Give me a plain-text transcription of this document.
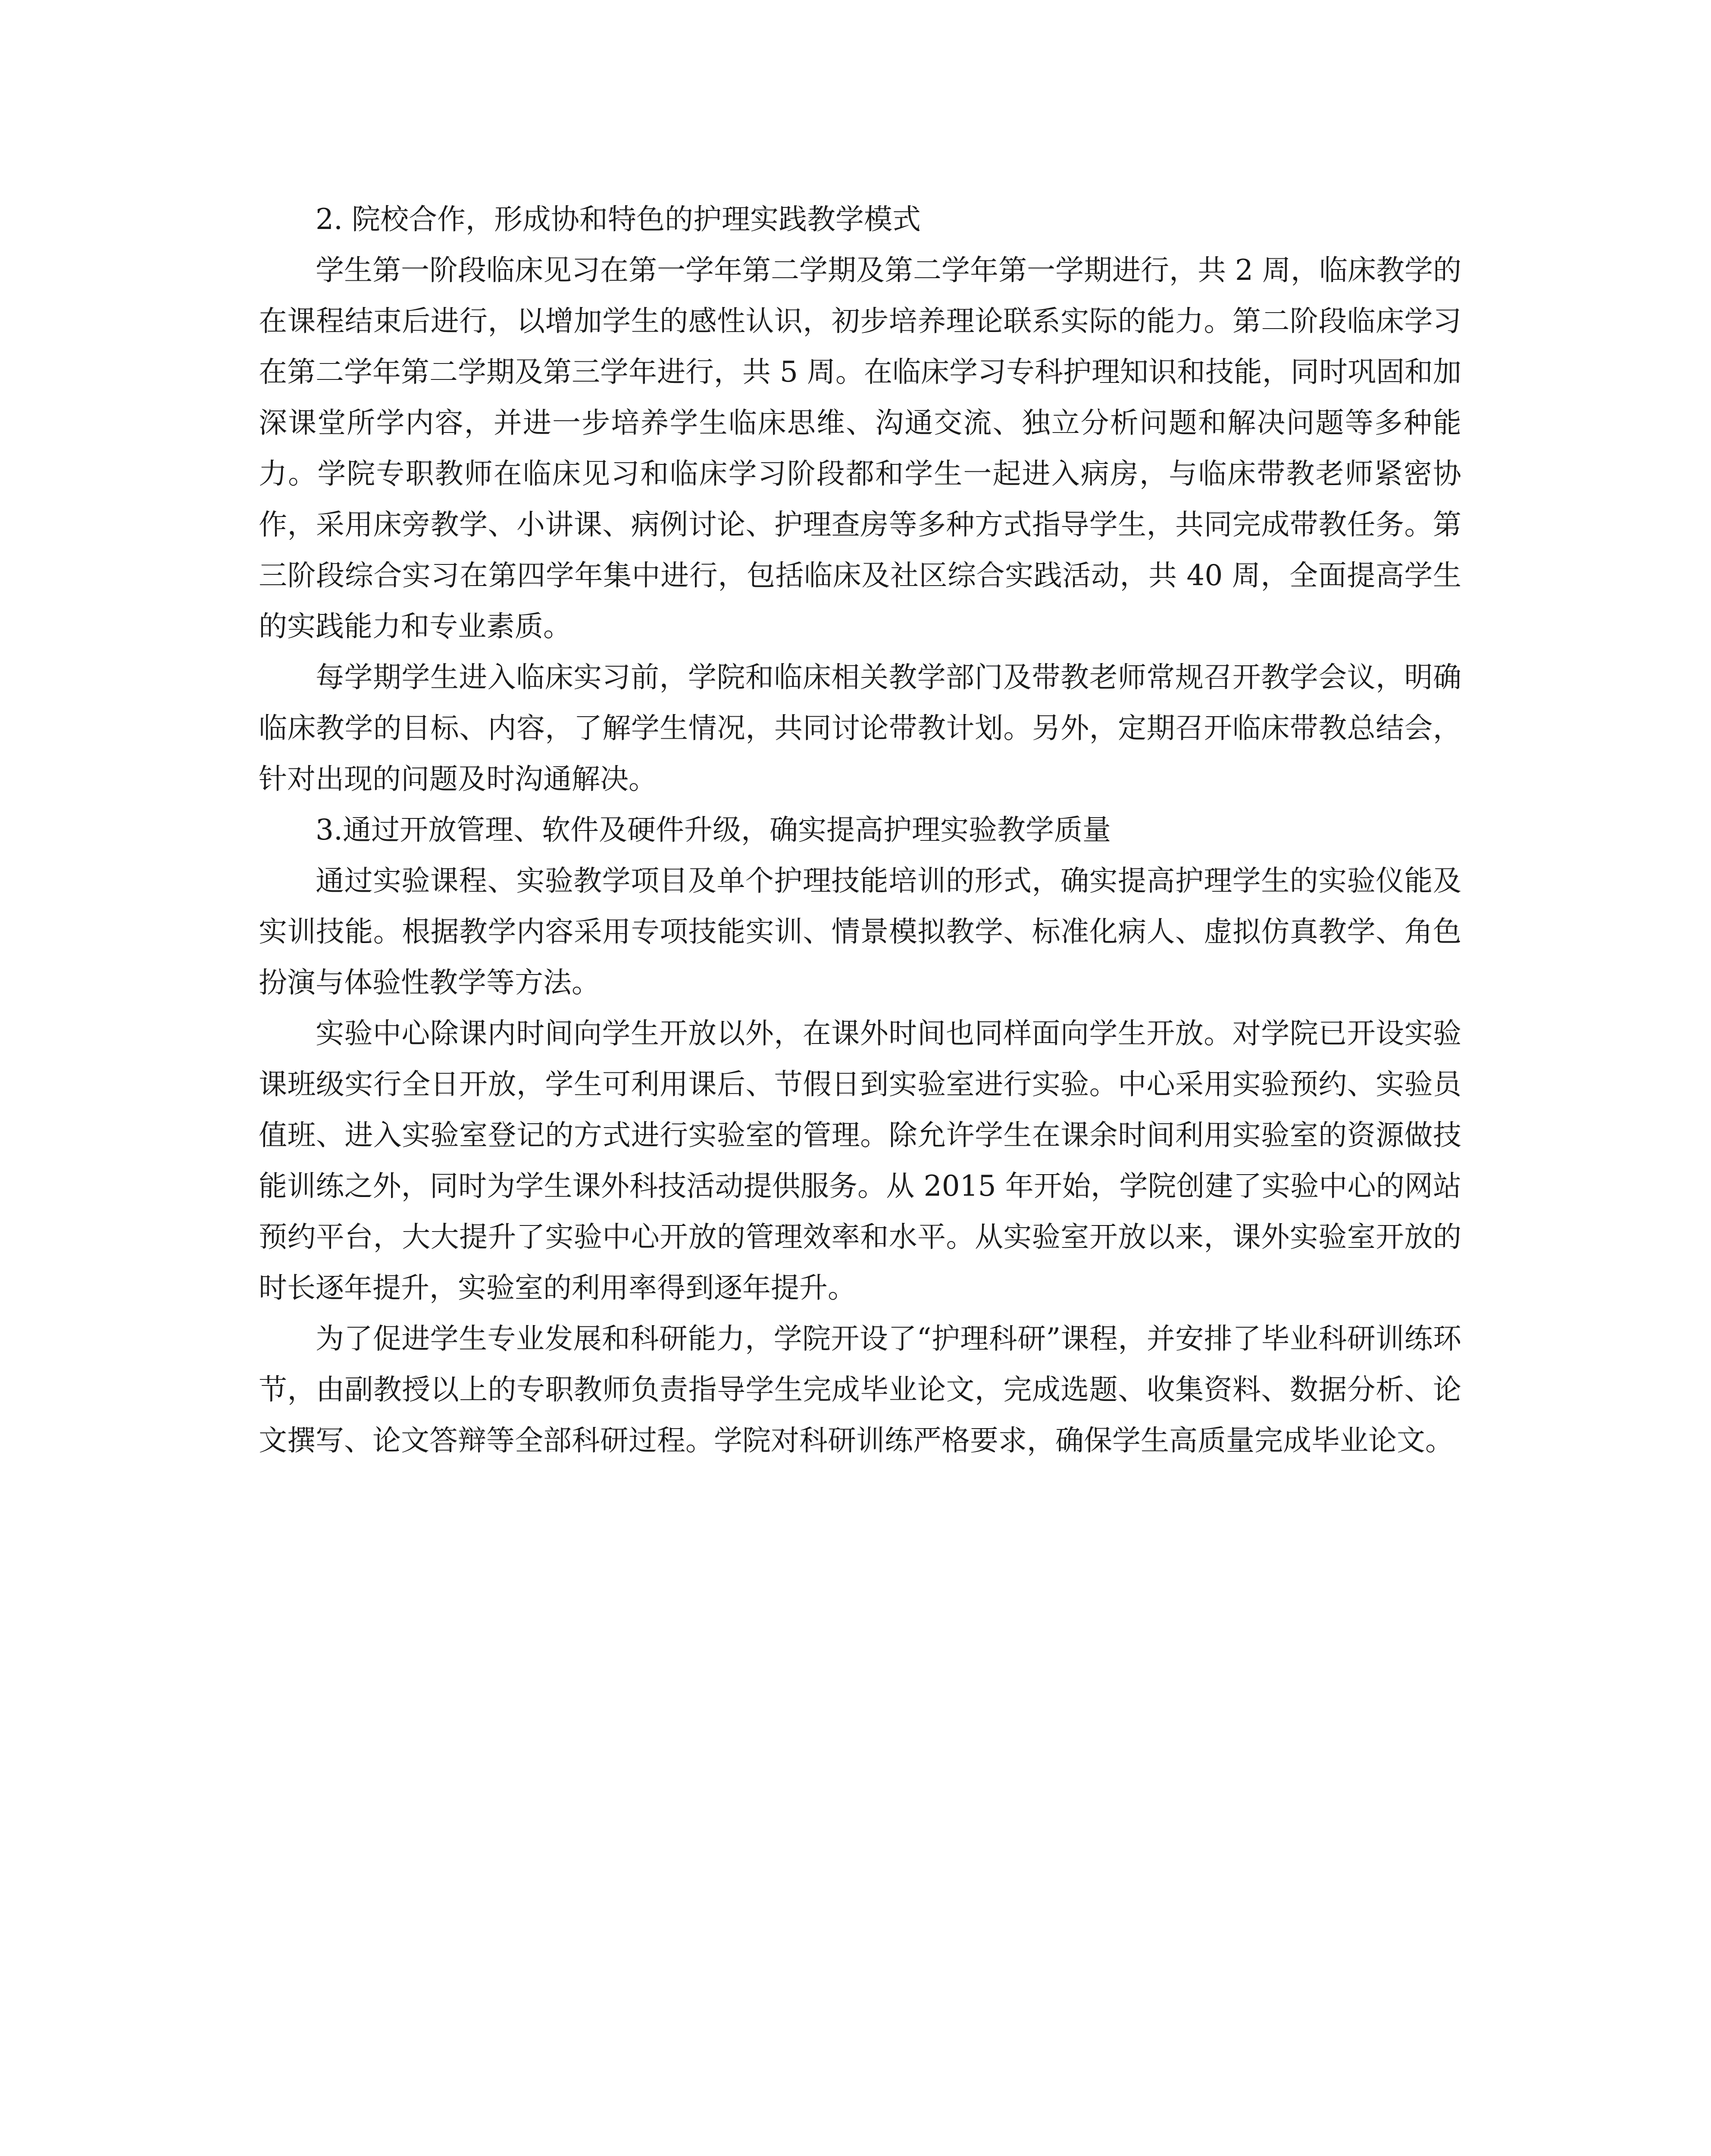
2. 院校合作，形成协和特色的护理实践教学模式

学生第一阶段临床见习在第一学年第二学期及第二学年第一学期进行，共 2 周，临床教学的在课程结束后进行，以增加学生的感性认识，初步培养理论联系实际的能力。第二阶段临床学习在第二学年第二学期及第三学年进行，共 5 周。在临床学习专科护理知识和技能，同时巩固和加深课堂所学内容，并进一步培养学生临床思维、沟通交流、独立分析问题和解决问题等多种能力。学院专职教师在临床见习和临床学习阶段都和学生一起进入病房，与临床带教老师紧密协作，采用床旁教学、小讲课、病例讨论、护理查房等多种方式指导学生，共同完成带教任务。第三阶段综合实习在第四学年集中进行，包括临床及社区综合实践活动，共 40 周，全面提高学生的实践能力和专业素质。

每学期学生进入临床实习前，学院和临床相关教学部门及带教老师常规召开教学会议，明确临床教学的目标、内容，了解学生情况，共同讨论带教计划。另外，定期召开临床带教总结会，针对出现的问题及时沟通解决。

3.通过开放管理、软件及硬件升级，确实提高护理实验教学质量

通过实验课程、实验教学项目及单个护理技能培训的形式，确实提高护理学生的实验仪能及实训技能。根据教学内容采用专项技能实训、情景模拟教学、标准化病人、虚拟仿真教学、角色扮演与体验性教学等方法。

实验中心除课内时间向学生开放以外，在课外时间也同样面向学生开放。对学院已开设实验课班级实行全日开放，学生可利用课后、节假日到实验室进行实验。中心采用实验预约、实验员值班、进入实验室登记的方式进行实验室的管理。除允许学生在课余时间利用实验室的资源做技能训练之外，同时为学生课外科技活动提供服务。从 2015 年开始，学院创建了实验中心的网站预约平台，大大提升了实验中心开放的管理效率和水平。从实验室开放以来，课外实验室开放的时长逐年提升，实验室的利用率得到逐年提升。

为了促进学生专业发展和科研能力，学院开设了“护理科研”课程，并安排了毕业科研训练环节，由副教授以上的专职教师负责指导学生完成毕业论文，完成选题、收集资料、数据分析、论文撰写、论文答辩等全部科研过程。学院对科研训练严格要求，确保学生高质量完成毕业论文。
